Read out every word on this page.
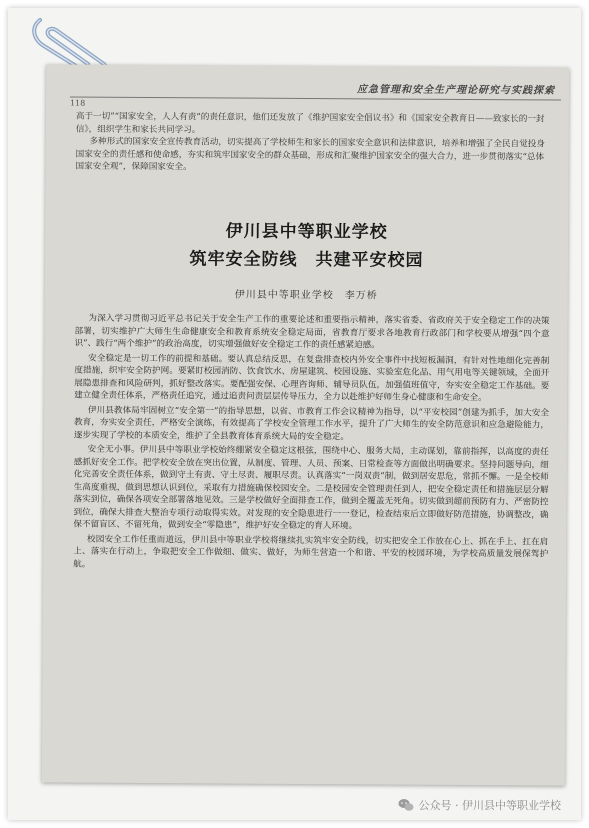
应急管理和安全生产理论研究与实践探索
118

高于一切”“国家安全，人人有责”的责任意识，他们还发放了《维护国家安全倡议书》和《国家安全教育日——致家长的一封信》，组织学生和家长共同学习。

多种形式的国家安全宣传教育活动，切实提高了学校师生和家长的国家安全意识和法律意识，培养和增强了全民自觉投身国家安全的责任感和使命感，夯实和筑牢国家安全的群众基础，形成和汇聚维护国家安全的强大合力，进一步贯彻落实“总体国家安全观”，保障国家安全。

伊川县中等职业学校
筑牢安全防线　共建平安校园
伊川县中等职业学校　李万桥

为深入学习贯彻习近平总书记关于安全生产工作的重要论述和重要指示精神，落实省委、省政府关于安全稳定工作的决策部署，切实维护广大师生生命健康安全和教育系统安全稳定局面，省教育厅要求各地教育行政部门和学校要从增强“四个意识”、践行“两个维护”的政治高度，切实增强做好安全稳定工作的责任感紧迫感。

安全稳定是一切工作的前提和基础。要认真总结反思，在复盘排查校内外安全事件中找短板漏洞，有针对性地细化完善制度措施，织牢安全防护网。要紧盯校园消防、饮食饮水、房屋建筑、校园设施、实验室危化品、用气用电等关键领域，全面开展隐患排查和风险研判，抓好整改落实。要配强安保、心理咨询师、辅导员队伍，加强值班值守，夯实安全稳定工作基础。要建立健全责任体系，严格责任追究，通过追责问责层层传导压力，全力以赴维护好师生身心健康和生命安全。

伊川县教体局牢固树立“安全第一”的指导思想，以省、市教育工作会议精神为指导，以“平安校园”创建为抓手，加大安全教育，夯实安全责任，严格安全演练，有效提高了学校安全管理工作水平，提升了广大师生的安全防范意识和应急避险能力，逐步实现了学校的本质安全，维护了全县教育体育系统大局的安全稳定。

安全无小事。伊川县中等职业学校始终绷紧安全稳定这根弦，围绕中心、服务大局，主动谋划，靠前指挥，以高度的责任感抓好安全工作。把学校安全放在突出位置，从制度、管理、人员、预案、日常检查等方面做出明确要求。坚持问题导向，细化完善安全责任体系，做到守土有责、守土尽责、履职尽责。认真落实“一岗双责”制，做到居安思危，常抓不懈。一是全校师生高度重视，做到思想认识到位，采取有力措施确保校园安全。二是校园安全管理责任到人，把安全稳定责任和措施层层分解落实到位，确保各项安全部署落地见效。三是学校做好全面排查工作，做到全覆盖无死角。切实做到超前预防有力、严密防控到位，确保大排查大整治专项行动取得实效。对发现的安全隐患进行一一登记，检查结束后立即做好防范措施，协调整改，确保不留盲区、不留死角，做到安全“零隐患”，维护好安全稳定的育人环境。

校园安全工作任重而道远，伊川县中等职业学校将继续扎实筑牢安全防线，切实把安全工作放在心上、抓在手上、扛在肩上、落实在行动上，争取把安全工作做细、做实、做好，为师生营造一个和谐、平安的校园环境，为学校高质量发展保驾护航。

公众号 · 伊川县中等职业学校
